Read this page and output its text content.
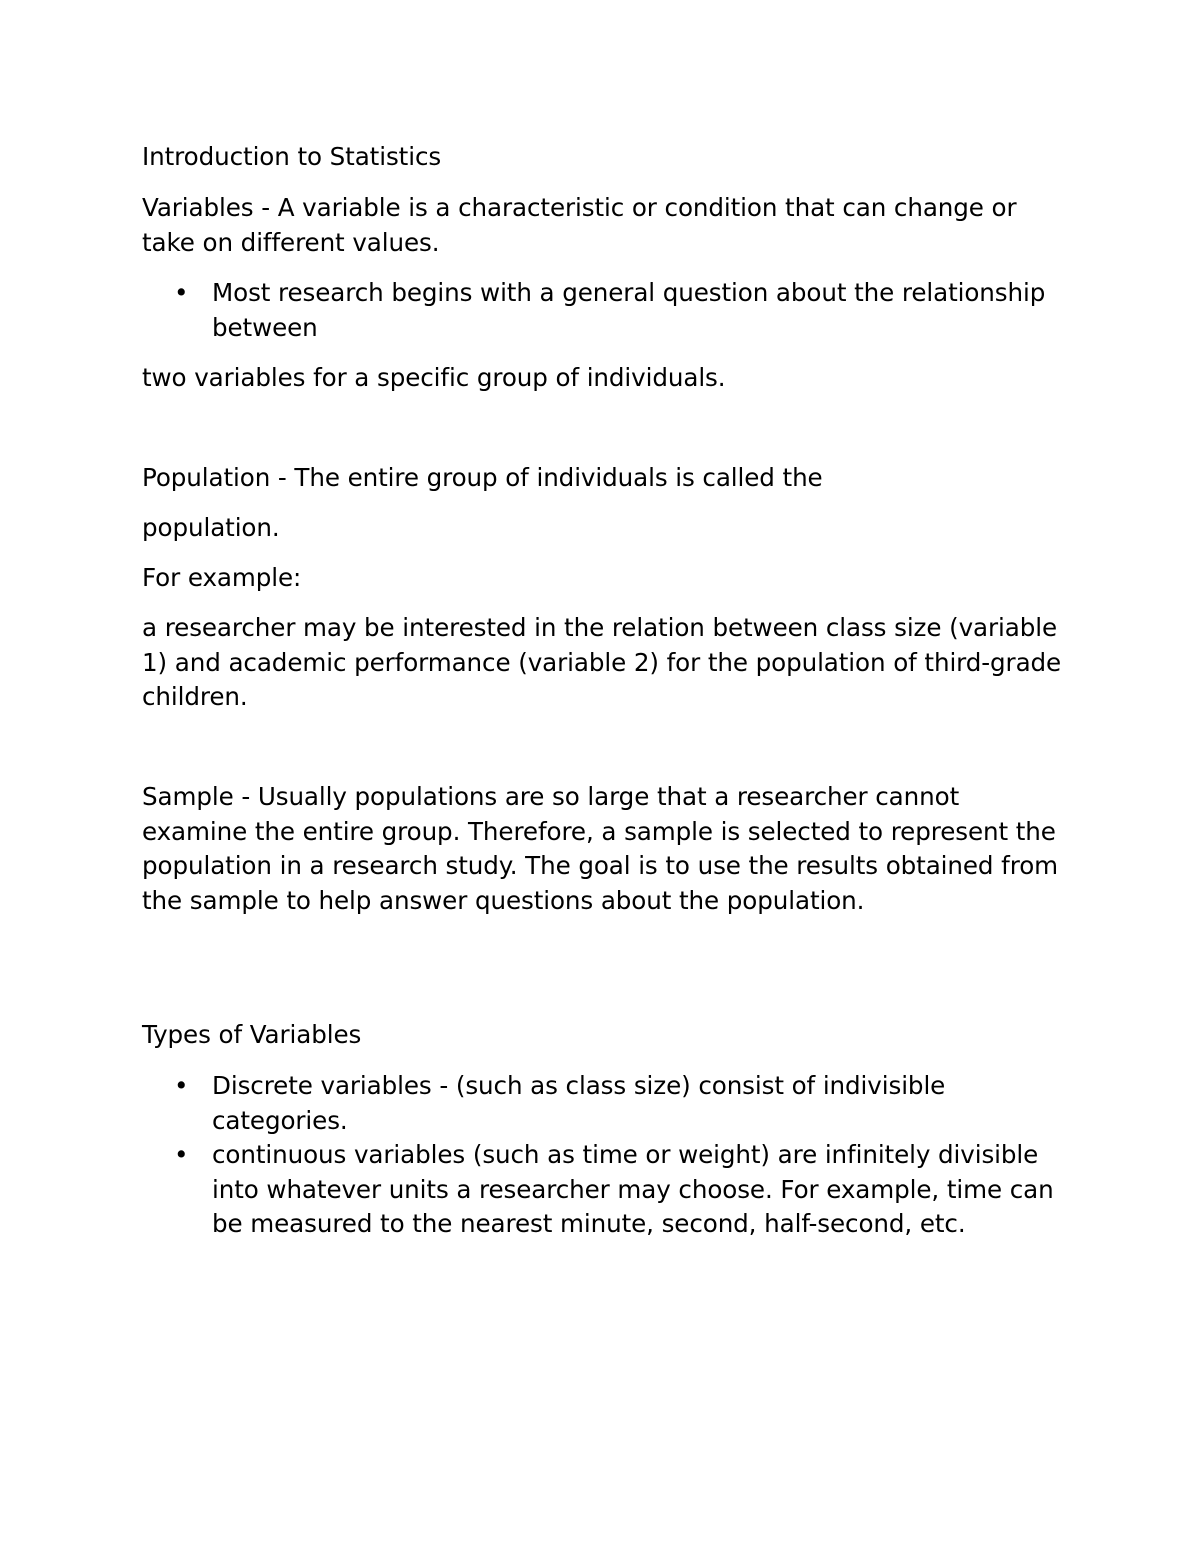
Introduction to Statistics

Variables - A variable is a characteristic or condition that can change or take on different values.

• Most research begins with a general question about the relationship between

two variables for a specific group of individuals.

Population - The entire group of individuals is called the

population.

For example:

a researcher may be interested in the relation between class size (variable 1) and academic performance (variable 2) for the population of third-grade children.

Sample - Usually populations are so large that a researcher cannot examine the entire group. Therefore, a sample is selected to represent the population in a research study. The goal is to use the results obtained from the sample to help answer questions about the population.

Types of Variables

• Discrete variables - (such as class size) consist of indivisible categories.
• continuous variables (such as time or weight) are infinitely divisible into whatever units a researcher may choose. For example, time can be measured to the nearest minute, second, half-second, etc.
